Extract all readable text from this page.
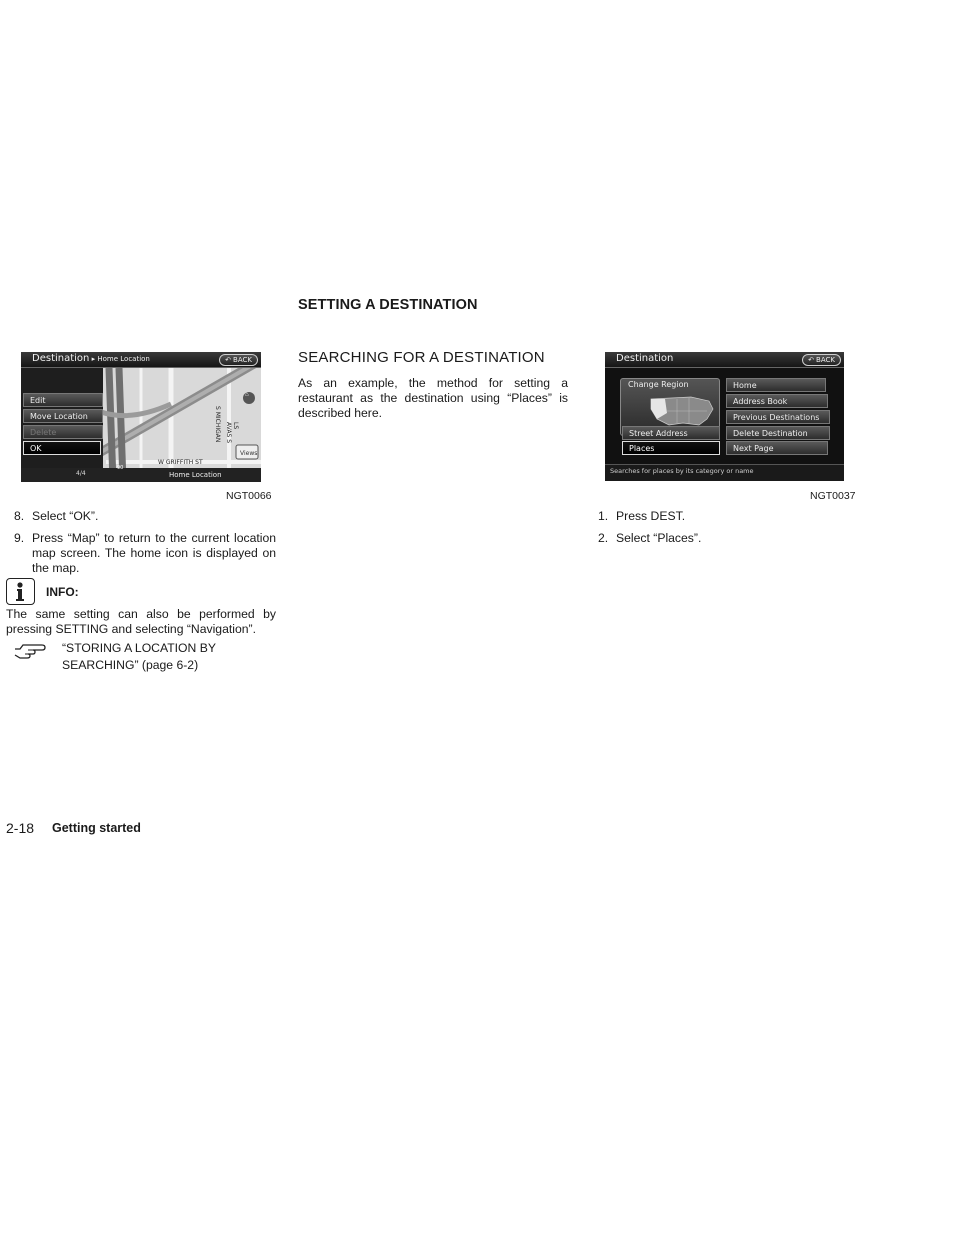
SETTING A DESTINATION
Destination ▸ Home Location	↶ BACK
Edit
Move Location
Delete
OK
4/4
W GRIFFITH ST
S MICHIGAN	LS AVAS S
Views
90
Home Location
⌂
NGT0066
8. Select “OK”.
9. Press “Map” to return to the current location map screen. The home icon is displayed on the map.
INFO:
The same setting can also be performed by pressing SETTING and selecting “Navigation”.
“STORING A LOCATION BY
SEARCHING” (page 6-2)
SEARCHING FOR A DESTINATION
As an example, the method for setting a restaurant as the destination using “Places” is described here.
Destination	↶ BACK
Change Region
Street Address
Places
Home
Address Book
Previous Destinations
Delete Destination
Next Page
Searches for places by its category or name
NGT0037
1. Press DEST.
2. Select “Places”.
2-18 Getting started
